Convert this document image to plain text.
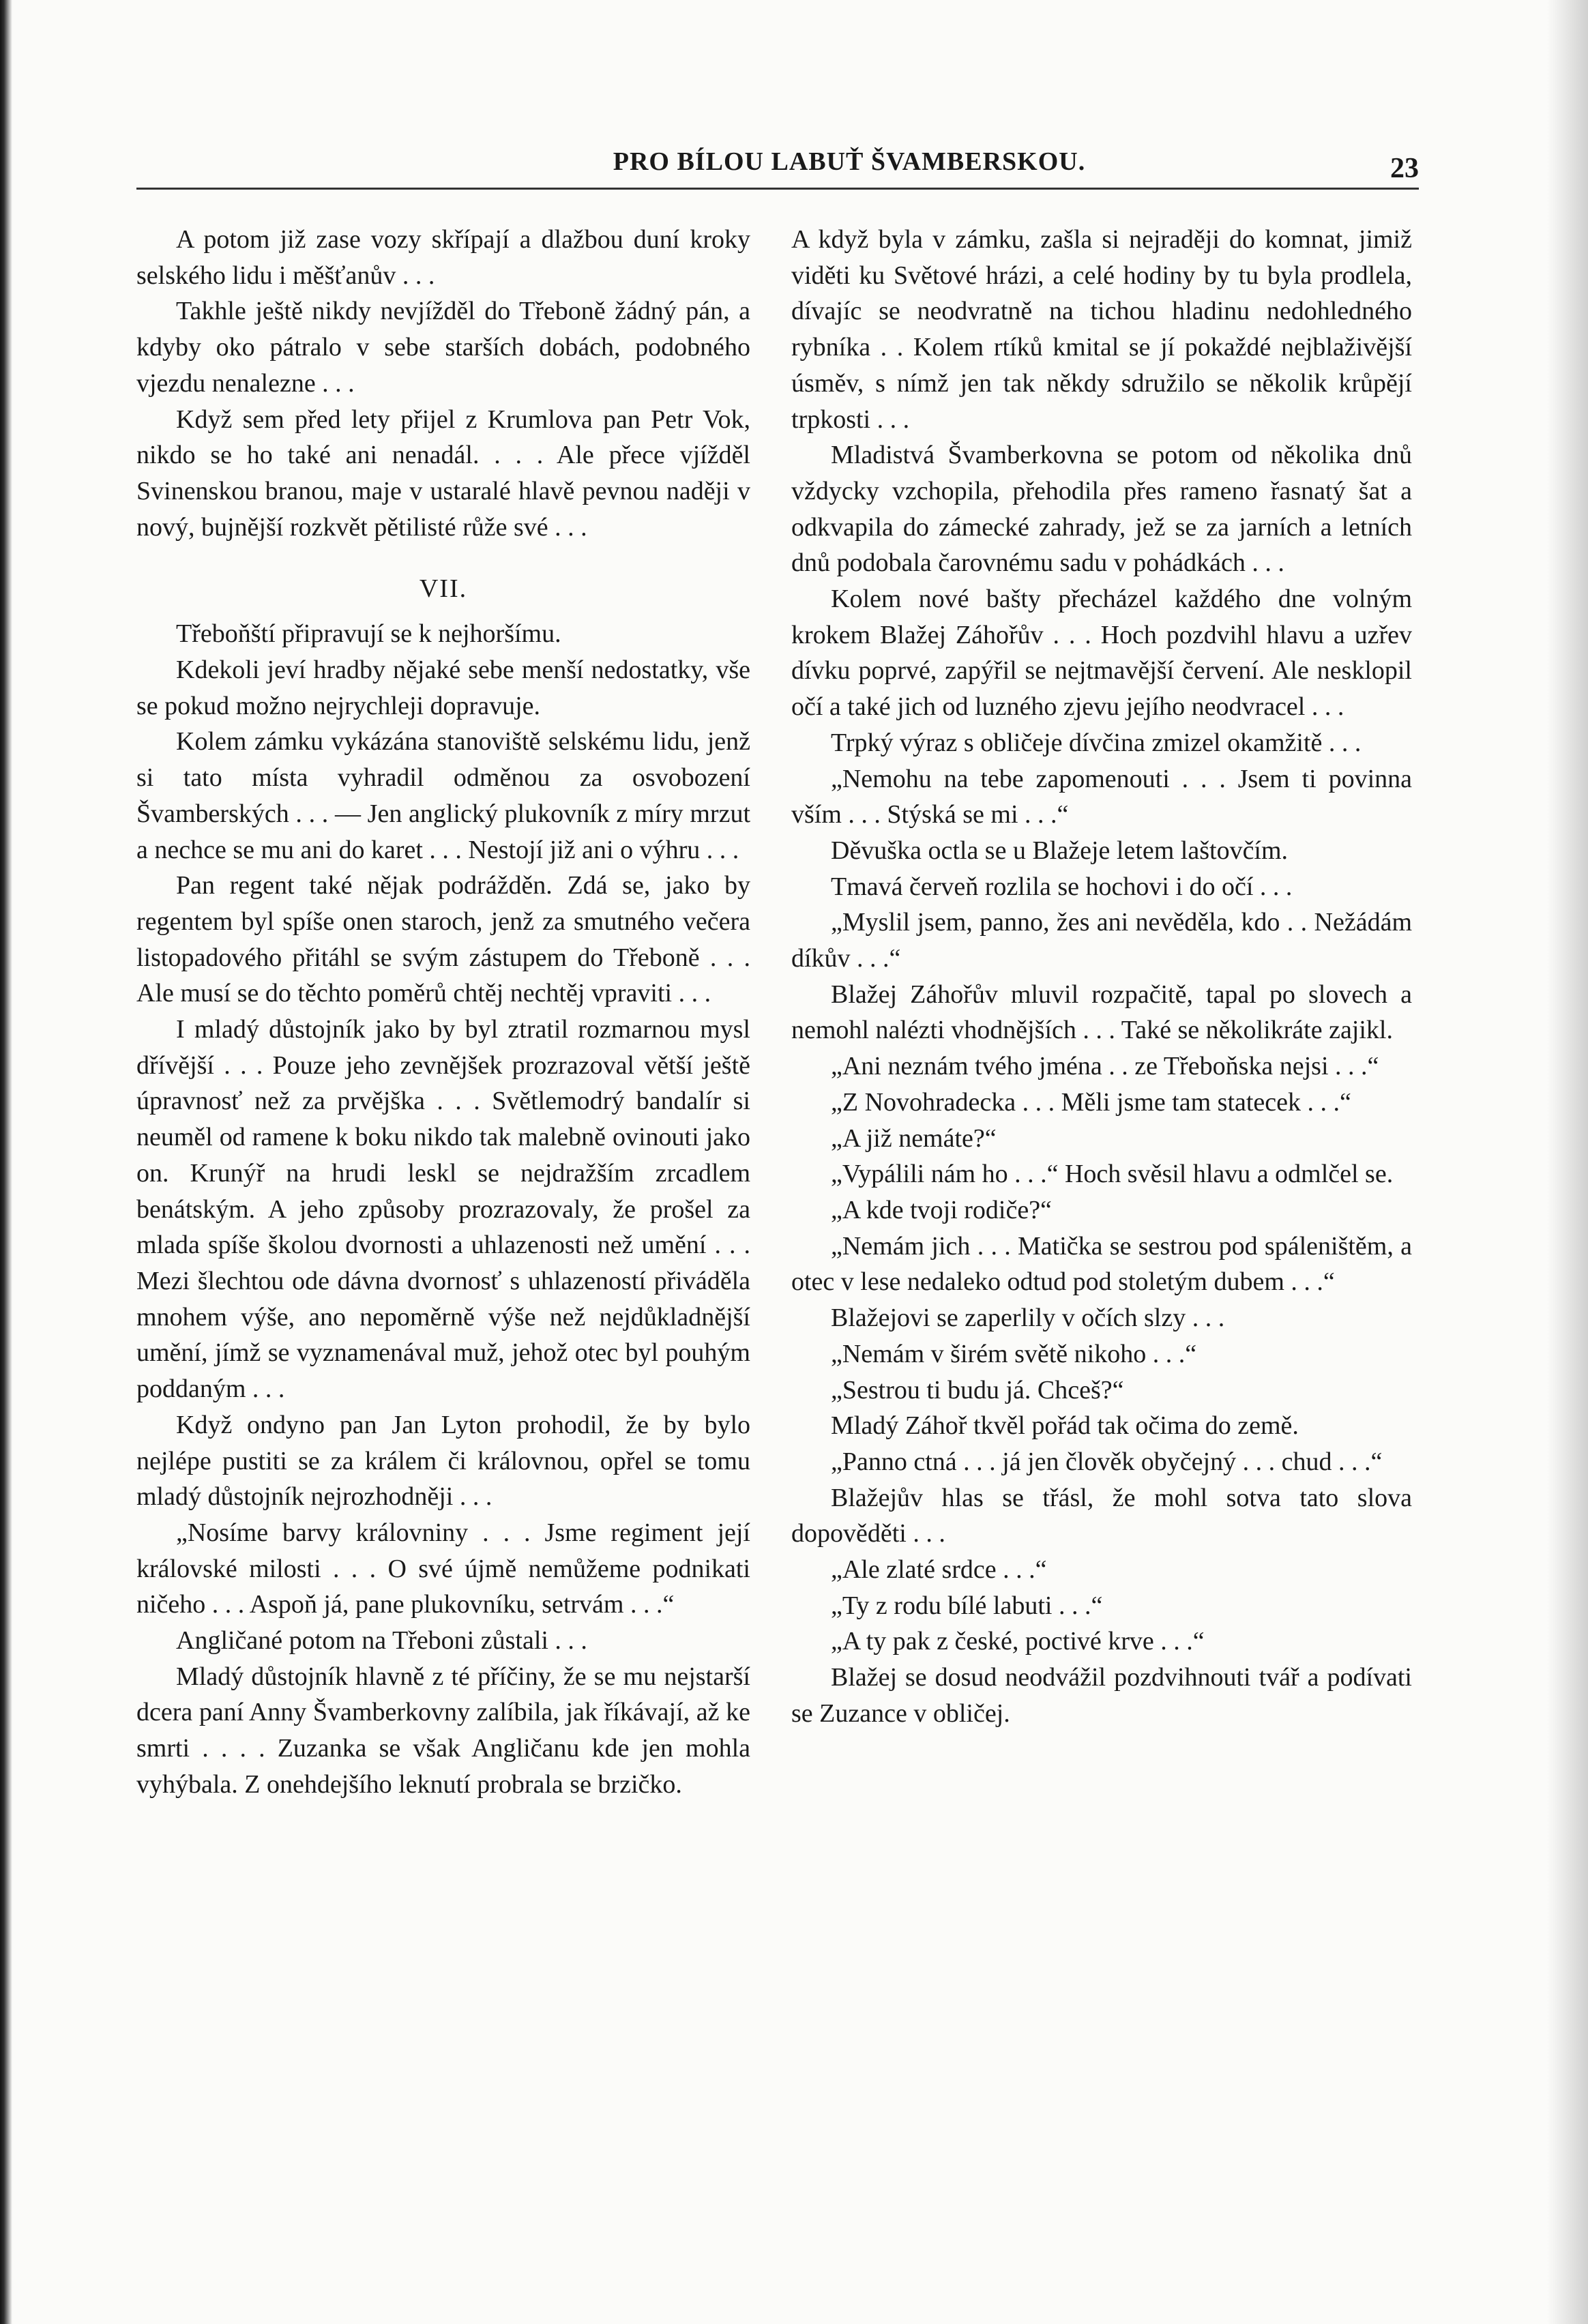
PRO BÍLOU LABUŤ ŠVAMBERSKOU.	23

A potom již zase vozy skřípají a dlažbou duní kroky selského lidu i měšťanův . . .

Takhle ještě nikdy nevjížděl do Třeboně žádný pán, a kdyby oko pátralo v sebe starších dobách, podobného vjezdu nenalezne . . .

Když sem před lety přijel z Krumlova pan Petr Vok, nikdo se ho také ani nenadál. . . . Ale přece vjížděl Svinenskou branou, maje v ustaralé hlavě pevnou naději v nový, bujnější rozkvět pětilisté růže své . . .

VII.

Třeboňští připravují se k nejhoršímu.

Kdekoli jeví hradby nějaké sebe menší nedostatky, vše se pokud možno nejrychleji dopravuje.

Kolem zámku vykázána stanoviště selskému lidu, jenž si tato místa vyhradil odměnou za osvobození Švamberských . . . — Jen anglický plukovník z míry mrzut a nechce se mu ani do karet . . . Nestojí již ani o výhru . . .

Pan regent také nějak podrážděn. Zdá se, jako by regentem byl spíše onen staroch, jenž za smutného večera listopadového přitáhl se svým zástupem do Třeboně . . . Ale musí se do těchto poměrů chtěj nechtěj vpraviti . . .

I mladý důstojník jako by byl ztratil rozmarnou mysl dřívější . . . Pouze jeho zevnějšek prozrazoval větší ještě úpravnosť než za prvějška . . . Světlemodrý bandalír si neuměl od ramene k boku nikdo tak malebně ovinouti jako on. Krunýř na hrudi leskl se nejdražším zrcadlem benátským. A jeho způsoby prozrazovaly, že prošel za mlada spíše školou dvornosti a uhlazenosti než umění . . . Mezi šlechtou ode dávna dvornosť s uhlazeností přiváděla mnohem výše, ano nepoměrně výše než nejdůkladnější umění, jímž se vyznamenával muž, jehož otec byl pouhým poddaným . . .

Když ondyno pan Jan Lyton prohodil, že by bylo nejlépe pustiti se za králem či královnou, opřel se tomu mladý důstojník nejrozhodněji . . .

„Nosíme barvy královniny . . . Jsme regiment její královské milosti . . . O své újmě nemůžeme podnikati ničeho . . . Aspoň já, pane plukovníku, setrvám . . .“

Angličané potom na Třeboni zůstali . . .

Mladý důstojník hlavně z té příčiny, že se mu nejstarší dcera paní Anny Švamberkovny zalíbila, jak říkávají, až ke smrti . . . . Zuzanka se však Angličanu kde jen mohla vyhýbala. Z onehdejšího leknutí probrala se brzičko.

A když byla v zámku, zašla si nejraději do komnat, jimiž viděti ku Světové hrázi, a celé hodiny by tu byla prodlela, dívajíc se neodvratně na tichou hladinu nedohledného rybníka . . Kolem rtíků kmital se jí pokaždé nejblaživější úsměv, s nímž jen tak někdy sdružilo se několik krůpějí trpkosti . . .

Mladistvá Švamberkovna se potom od několika dnů vždycky vzchopila, přehodila přes rameno řasnatý šat a odkvapila do zámecké zahrady, jež se za jarních a letních dnů podobala čarovnému sadu v pohádkách . . .

Kolem nové bašty přecházel každého dne volným krokem Blažej Záhořův . . . Hoch pozdvihl hlavu a uzřev dívku poprvé, zapýřil se nejtmavější červení. Ale nesklopil očí a také jich od luzného zjevu jejího neodvracel . . .

Trpký výraz s obličeje dívčina zmizel okamžitě . . .

„Nemohu na tebe zapomenouti . . . Jsem ti povinna vším . . . Stýská se mi . . .“

Děvuška octla se u Blažeje letem laštovčím.

Tmavá červeň rozlila se hochovi i do očí . . .

„Myslil jsem, panno, žes ani nevěděla, kdo . . Nežádám díkův . . .“

Blažej Záhořův mluvil rozpačitě, tapal po slovech a nemohl nalézti vhodnějších . . . Také se několikráte zajikl.

„Ani neznám tvého jména . . ze Třeboňska nejsi . . .“

„Z Novohradecka . . . Měli jsme tam statecek . . .“

„A již nemáte?“

„Vypálili nám ho . . .“ Hoch svěsil hlavu a odmlčel se.

„A kde tvoji rodiče?“

„Nemám jich . . . Matička se sestrou pod spáleništěm, a otec v lese nedaleko odtud pod stoletým dubem . . .“

Blažejovi se zaperlily v očích slzy . . .

„Nemám v širém světě nikoho . . .“

„Sestrou ti budu já. Chceš?“

Mladý Záhoř tkvěl pořád tak očima do země.

„Panno ctná . . . já jen člověk obyčejný . . . chud . . .“

Blažejův hlas se třásl, že mohl sotva tato slova dopověděti . . .

„Ale zlaté srdce . . .“

„Ty z rodu bílé labuti . . .“

„A ty pak z české, poctivé krve . . .“

Blažej se dosud neodvážil pozdvihnouti tvář a podívati se Zuzance v obličej.
